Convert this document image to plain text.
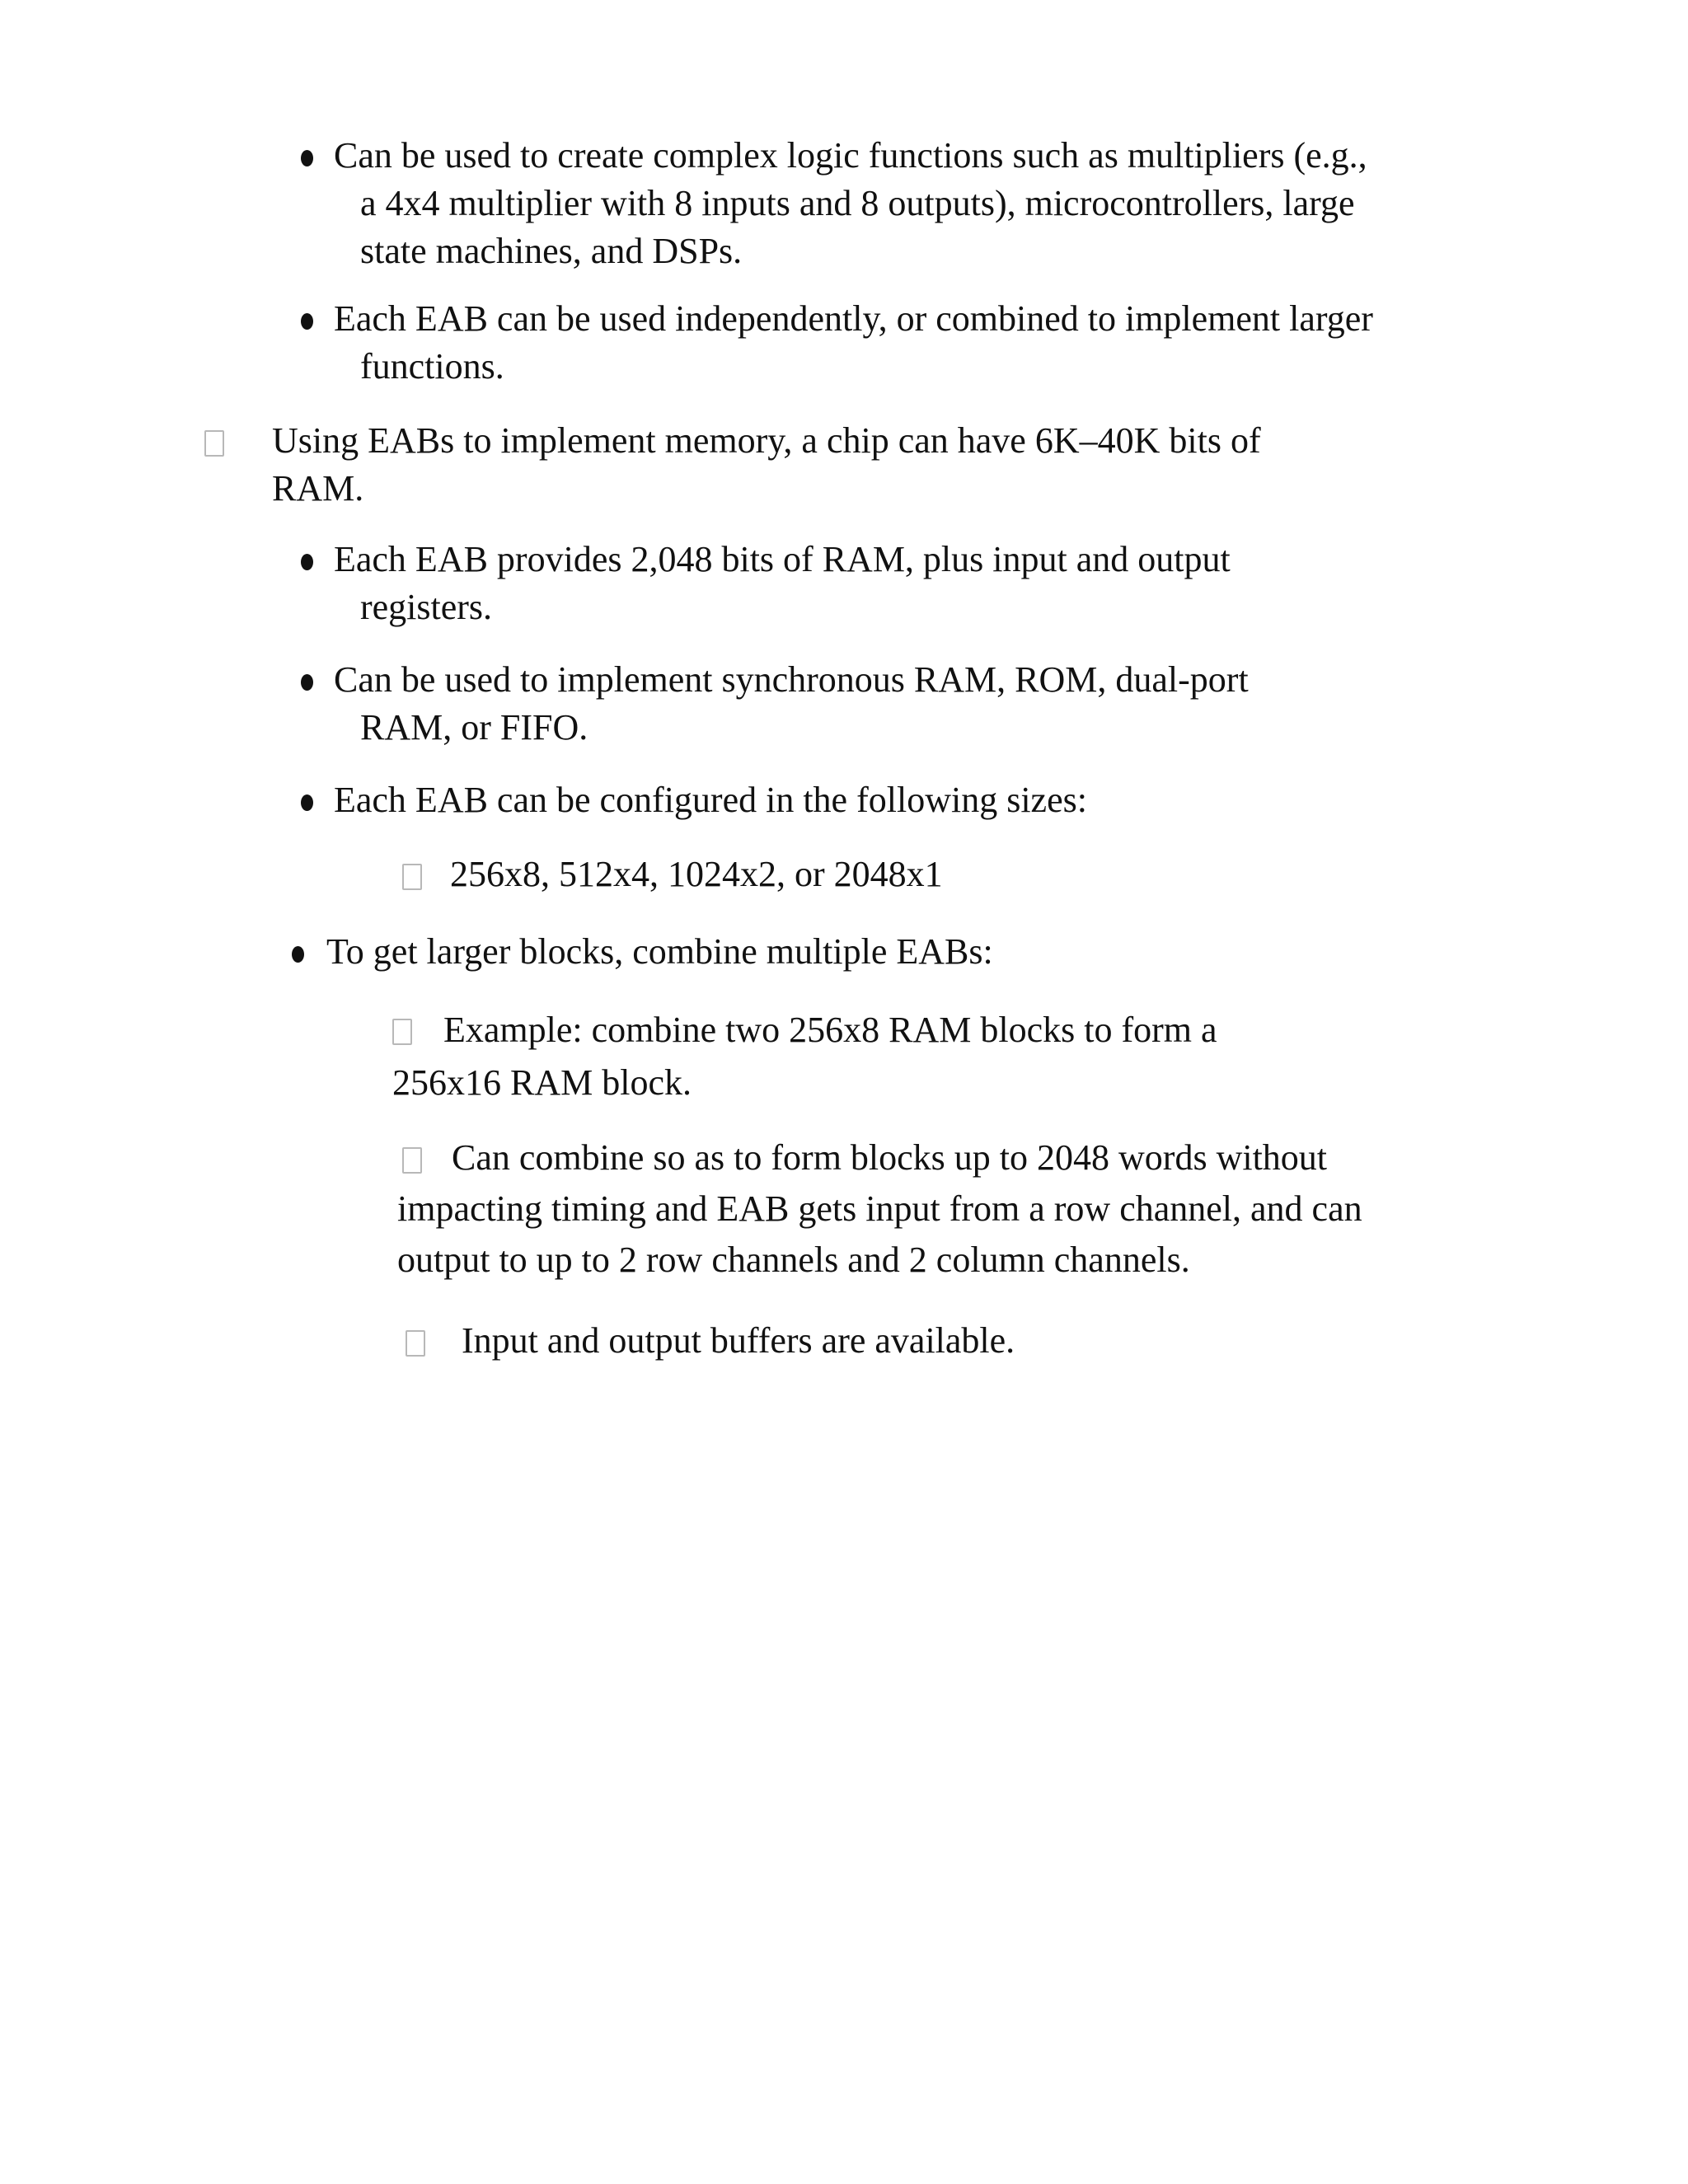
Can be used to create complex logic functions such as multipliers (e.g.,
a 4x4 multiplier with 8 inputs and 8 outputs), microcontrollers, large
state machines, and DSPs.
Each EAB can be used independently, or combined to implement larger
functions.
Using EABs to implement memory, a chip can have 6K–40K bits of
RAM.
Each EAB provides 2,048 bits of RAM, plus input and output
registers.
Can be used to implement synchronous RAM, ROM, dual-port
RAM, or FIFO.
Each EAB can be configured in the following sizes:
256x8, 512x4, 1024x2, or 2048x1
To get larger blocks, combine multiple EABs:
Example: combine two 256x8 RAM blocks to form a
256x16 RAM block.
Can combine so as to form blocks up to 2048 words without
impacting timing and EAB gets input from a row channel, and can
output to up to 2 row channels and 2 column channels.
Input and output buffers are available.
